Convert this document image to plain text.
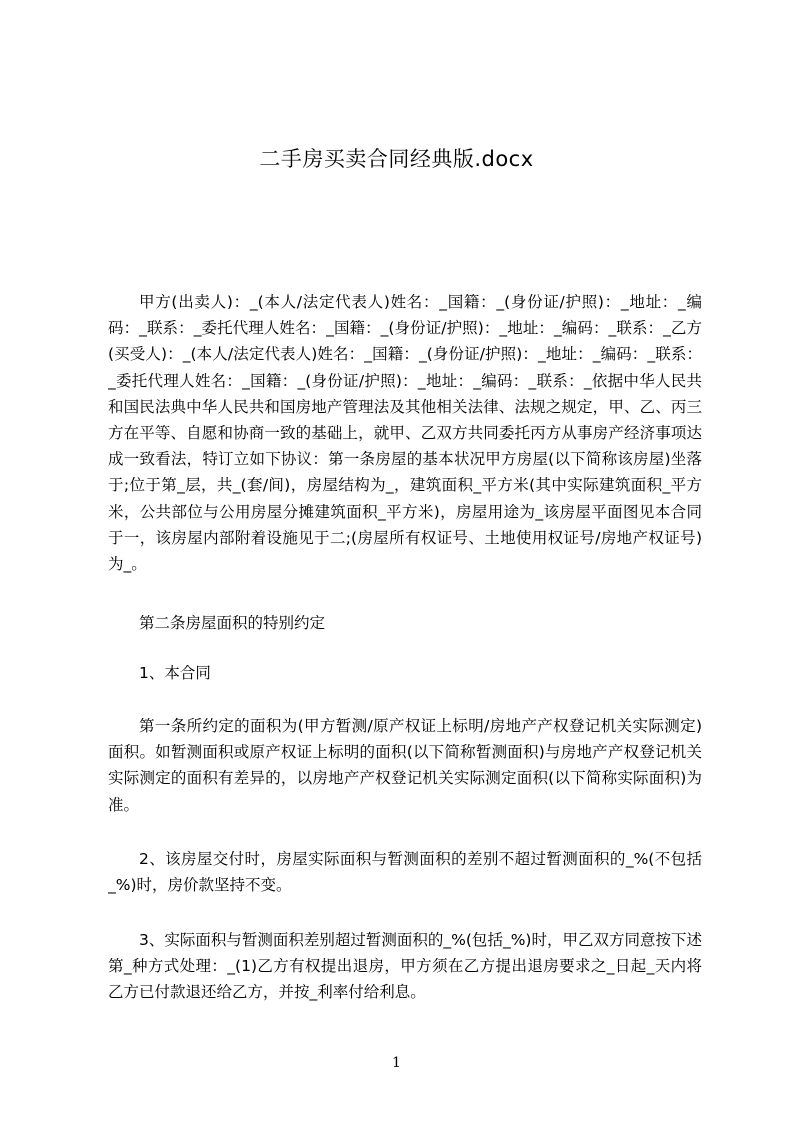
二手房买卖合同经典版.docx
甲方(出卖人)：_(本人/法定代表人)姓名：_国籍：_(身份证/护照)：_地址：_编码：_联系：_委托代理人姓名：_国籍：_(身份证/护照)：_地址：_编码：_联系：_乙方(买受人)：_(本人/法定代表人)姓名：_国籍：_(身份证/护照)：_地址：_编码：_联系：_委托代理人姓名：_国籍：_(身份证/护照)：_地址：_编码：_联系：_依据中华人民共和国民法典中华人民共和国房地产管理法及其他相关法律、法规之规定，甲、乙、丙三方在平等、自愿和协商一致的基础上，就甲、乙双方共同委托丙方从事房产经济事项达成一致看法，特订立如下协议：第一条房屋的基本状况甲方房屋(以下简称该房屋)坐落于;位于第_层，共_(套/间)，房屋结构为_，建筑面积_平方米(其中实际建筑面积_平方米，公共部位与公用房屋分摊建筑面积_平方米)，房屋用途为_该房屋平面图见本合同于一，该房屋内部附着设施见于二;(房屋所有权证号、土地使用权证号/房地产权证号)为_。
第二条房屋面积的特别约定
1、本合同
第一条所约定的面积为(甲方暂测/原产权证上标明/房地产产权登记机关实际测定)面积。如暂测面积或原产权证上标明的面积(以下简称暂测面积)与房地产产权登记机关实际测定的面积有差异的，以房地产产权登记机关实际测定面积(以下简称实际面积)为准。
2、该房屋交付时，房屋实际面积与暂测面积的差别不超过暂测面积的_%(不包括_%)时，房价款坚持不变。
3、实际面积与暂测面积差别超过暂测面积的_%(包括_%)时，甲乙双方同意按下述第_种方式处理：_(1)乙方有权提出退房，甲方须在乙方提出退房要求之_日起_天内将乙方已付款退还给乙方，并按_利率付给利息。
1
